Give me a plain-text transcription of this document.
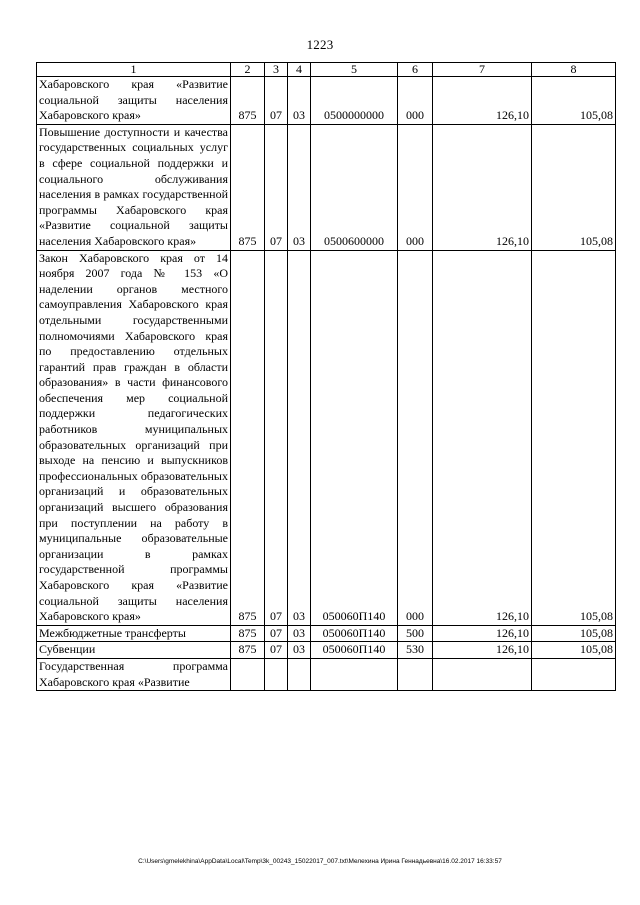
1223
1	2	3	4	5	6	7	8
Хабаровского края «Развитие социальной защиты населения Хабаровского края»	875	07	03	0500000000	000	126,10	105,08
Повышение доступности и качества государственных социальных услуг в сфере социальной поддержки и социального обслуживания населения в рамках государственной программы Хабаровского края «Развитие социальной защиты населения Хабаровского края»	875	07	03	0500600000	000	126,10	105,08
Закон Хабаровского края от 14 ноября 2007 года № 153 «О наделении органов местного самоуправления Хабаровского края отдельными государственными полномочиями Хабаровского края по предоставлению отдельных гарантий прав граждан в области образования» в части финансового обеспечения мер социальной поддержки педагогических работников муниципальных образовательных организаций при выходе на пенсию и выпускников профессиональных образовательных организаций и образовательных организаций высшего образования при поступлении на работу в муниципальные образовательные организации в рамках государственной программы Хабаровского края «Развитие социальной защиты населения Хабаровского края»	875	07	03	050060П140	000	126,10	105,08
Межбюджетные трансферты	875	07	03	050060П140	500	126,10	105,08
Субвенции	875	07	03	050060П140	530	126,10	105,08
Государственная программа Хабаровского края «Развитие							
C:\Users\gmelekhina\AppData\Local\Temp\3k_00243_15022017_007.txt\Мелехина Ирина Геннадьевна\16.02.2017 16:33:57
